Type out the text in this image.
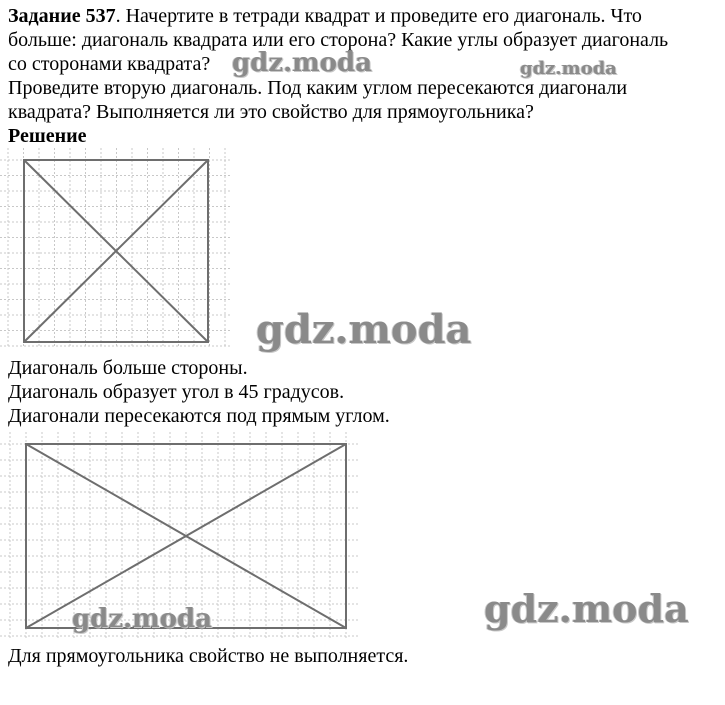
Задание 537. Начертите в тетради квадрат и проведите его диагональ. Что
больше: диагональ квадрата или его сторона? Какие углы образует диагональ
со сторонами квадрата?
Проведите вторую диагональ. Под каким углом пересекаются диагонали
квадрата? Выполняется ли это свойство для прямоугольника?
Решение
gdz.moda
gdz.moda	gdz.moda
Диагональ больше стороны.
Диагональ образует угол в 45 градусов.
Диагонали пересекаются под прямым углом.
gdz.moda	gdz.moda
Для прямоугольника свойство не выполняется.
